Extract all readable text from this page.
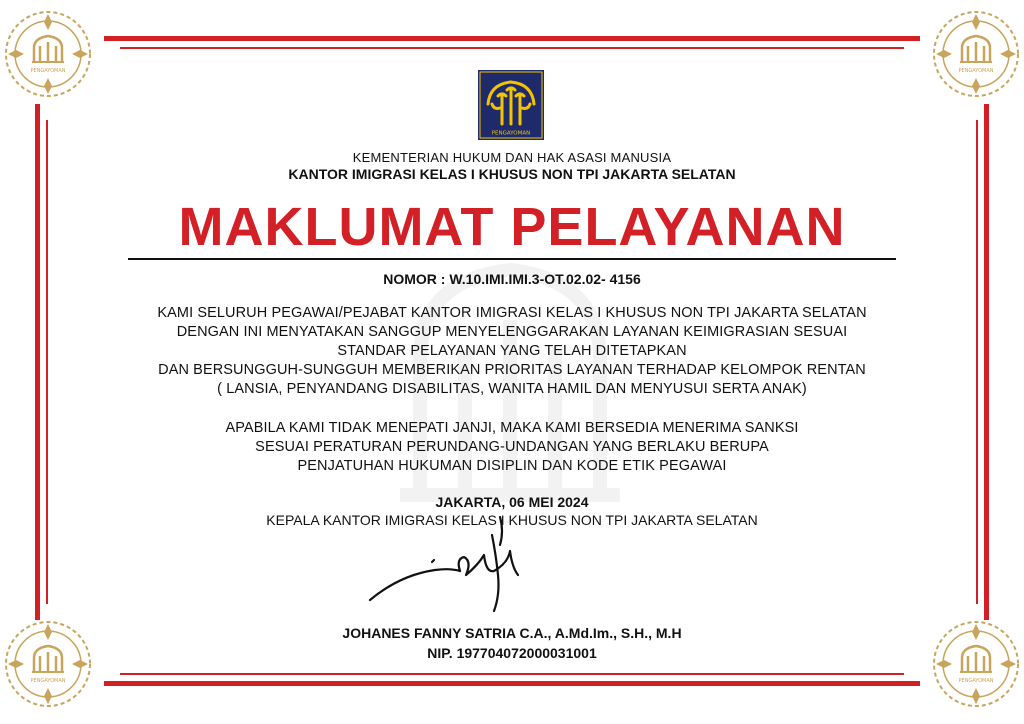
PENGAYOMAN	PENGAYOMAN
PENGAYOMAN	PENGAYOMAN
PENGAYOMAN
KEMENTERIAN HUKUM DAN HAK ASASI MANUSIA
KANTOR IMIGRASI KELAS I KHUSUS NON TPI JAKARTA SELATAN
MAKLUMAT PELAYANAN
NOMOR : W.10.IMI.IMI.3-OT.02.02- 4156
KAMI SELURUH PEGAWAI/PEJABAT KANTOR IMIGRASI KELAS I KHUSUS NON TPI JAKARTA SELATAN
DENGAN INI MENYATAKAN SANGGUP MENYELENGGARAKAN LAYANAN KEIMIGRASIAN SESUAI
STANDAR PELAYANAN YANG TELAH DITETAPKAN
DAN BERSUNGGUH-SUNGGUH MEMBERIKAN PRIORITAS LAYANAN TERHADAP KELOMPOK RENTAN
( LANSIA, PENYANDANG DISABILITAS, WANITA HAMIL DAN MENYUSUI SERTA ANAK)
APABILA KAMI TIDAK MENEPATI JANJI, MAKA KAMI BERSEDIA MENERIMA SANKSI
SESUAI PERATURAN PERUNDANG-UNDANGAN YANG BERLAKU BERUPA
PENJATUHAN HUKUMAN DISIPLIN DAN KODE ETIK PEGAWAI
JAKARTA, 06 MEI 2024
KEPALA KANTOR IMIGRASI KELAS I KHUSUS NON TPI JAKARTA SELATAN
JOHANES FANNY SATRIA C.A., A.Md.Im., S.H., M.H
NIP. 197704072000031001
